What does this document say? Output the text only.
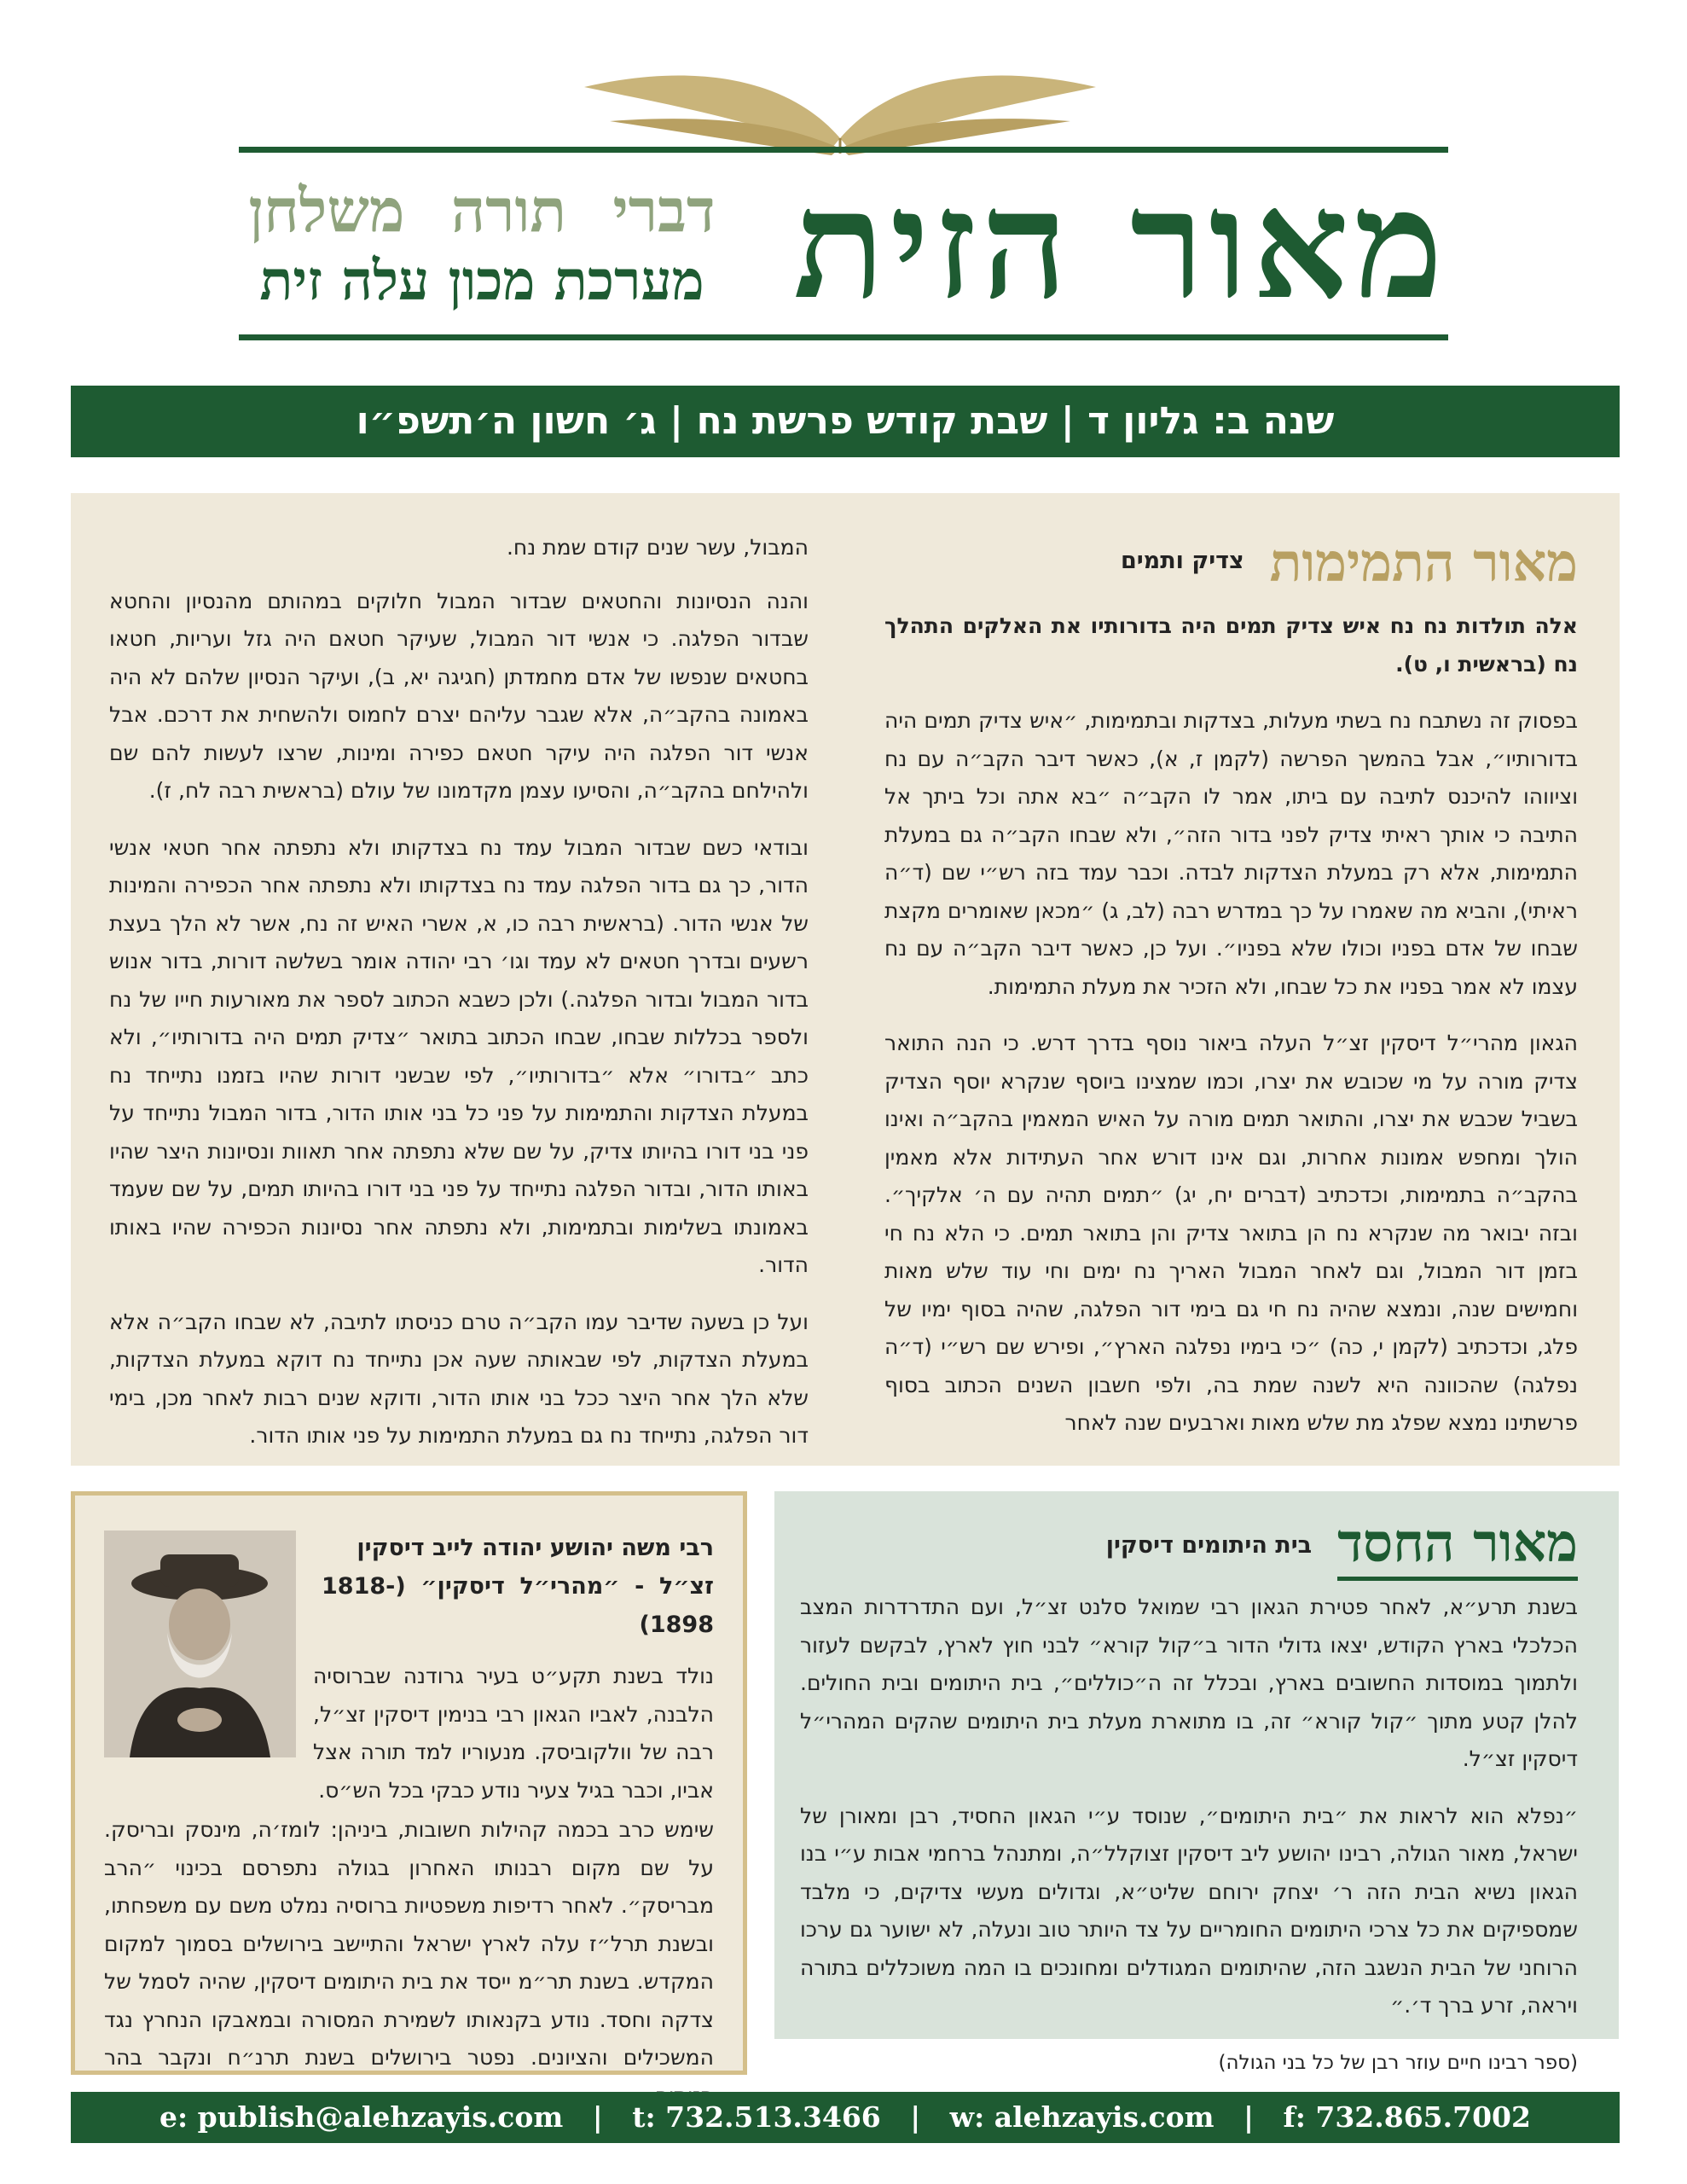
מאור הזית
דברי תורה משלחן
מערכת מכון עלה זית
שנה ב: גליון ד | שבת קודש פרשת נח | ג׳ חשון ה׳תשפ״ו
מאור התמימות צדיק ותמים

אלה תולדות נח נח איש צדיק תמים היה בדורותיו את האלקים התהלך נח (בראשית ו, ט).

בפסוק זה נשתבח נח בשתי מעלות, בצדקות ובתמימות, ״איש צדיק תמים היה בדורותיו״, אבל בהמשך הפרשה (לקמן ז, א), כאשר דיבר הקב״ה עם נח וציווהו להיכנס לתיבה עם ביתו, אמר לו הקב״ה ״בא אתה וכל ביתך אל התיבה כי אותך ראיתי צדיק לפני בדור הזה״, ולא שבחו הקב״ה גם במעלת התמימות, אלא רק במעלת הצדקות לבדה. וכבר עמד בזה רש״י שם (ד״ה ראיתי), והביא מה שאמרו על כך במדרש רבה (לב, ג) ״מכאן שאומרים מקצת שבחו של אדם בפניו וכולו שלא בפניו״. ועל כן, כאשר דיבר הקב״ה עם נח עצמו לא אמר בפניו את כל שבחו, ולא הזכיר את מעלת התמימות.

הגאון מהרי״ל דיסקין זצ״ל העלה ביאור נוסף בדרך דרש. כי הנה התואר צדיק מורה על מי שכובש את יצרו, וכמו שמצינו ביוסף שנקרא יוסף הצדיק בשביל שכבש את יצרו, והתואר תמים מורה על האיש המאמין בהקב״ה ואינו הולך ומחפש אמונות אחרות, וגם אינו דורש אחר העתידות אלא מאמין בהקב״ה בתמימות, וכדכתיב (דברים יח, יג) ״תמים תהיה עם ה׳ אלקיך״. ובזה יבואר מה שנקרא נח הן בתואר צדיק והן בתואר תמים. כי הלא נח חי בזמן דור המבול, וגם לאחר המבול האריך נח ימים וחי עוד שלש מאות וחמישים שנה, ונמצא שהיה נח חי גם בימי דור הפלגה, שהיה בסוף ימיו של פלג, וכדכתיב (לקמן י, כה) ״כי בימיו נפלגה הארץ״, ופירש שם רש״י (ד״ה נפלגה) שהכוונה היא לשנה שמת בה, ולפי חשבון השנים הכתוב בסוף פרשתינו נמצא שפלג מת שלש מאות וארבעים שנה לאחר

המבול, עשר שנים קודם שמת נח.

והנה הנסיונות והחטאים שבדור המבול חלוקים במהותם מהנסיון והחטא שבדור הפלגה. כי אנשי דור המבול, שעיקר חטאם היה גזל ועריות, חטאו בחטאים שנפשו של אדם מחמדתן (חגיגה יא, ב), ועיקר הנסיון שלהם לא היה באמונה בהקב״ה, אלא שגבר עליהם יצרם לחמוס ולהשחית את דרכם. אבל אנשי דור הפלגה היה עיקר חטאם כפירה ומינות, שרצו לעשות להם שם ולהילחם בהקב״ה, והסיעו עצמן מקדמונו של עולם (בראשית רבה לח, ז).

ובודאי כשם שבדור המבול עמד נח בצדקותו ולא נתפתה אחר חטאי אנשי הדור, כך גם בדור הפלגה עמד נח בצדקותו ולא נתפתה אחר הכפירה והמינות של אנשי הדור. (בראשית רבה כו, א, אשרי האיש זה נח, אשר לא הלך בעצת רשעים ובדרך חטאים לא עמד וגו׳ רבי יהודה אומר בשלשה דורות, בדור אנוש בדור המבול ובדור הפלגה.) ולכן כשבא הכתוב לספר את מאורעות חייו של נח ולספר בכללות שבחו, שבחו הכתוב בתואר ״צדיק תמים היה בדורותיו״, ולא כתב ״בדורו״ אלא ״בדורותיו״, לפי שבשני דורות שהיו בזמנו נתייחד נח במעלת הצדקות והתמימות על פני כל בני אותו הדור, בדור המבול נתייחד על פני בני דורו בהיותו צדיק, על שם שלא נתפתה אחר תאוות ונסיונות היצר שהיו באותו הדור, ובדור הפלגה נתייחד על פני בני דורו בהיותו תמים, על שם שעמד באמונתו בשלימות ובתמימות, ולא נתפתה אחר נסיונות הכפירה שהיו באותו הדור.

ועל כן בשעה שדיבר עמו הקב״ה טרם כניסתו לתיבה, לא שבחו הקב״ה אלא במעלת הצדקות, לפי שבאותה שעה אכן נתייחד נח דוקא במעלת הצדקות, שלא הלך אחר היצר ככל בני אותו הדור, ודוקא שנים רבות לאחר מכן, בימי דור הפלגה, נתייחד נח גם במעלת התמימות על פני אותו הדור.

מאור החסד בית היתומים דיסקין

בשנת תרע״א, לאחר פטירת הגאון רבי שמואל סלנט זצ״ל, ועם התדרדרות המצב הכלכלי בארץ הקודש, יצאו גדולי הדור ב״קול קורא״ לבני חוץ לארץ, לבקשם לעזור ולתמוך במוסדות החשובים בארץ, ובכלל זה ה״כוללים״, בית היתומים ובית החולים. להלן קטע מתוך ״קול קורא״ זה, בו מתוארת מעלת בית היתומים שהקים המהרי״ל דיסקין זצ״ל.

״נפלא הוא לראות את ״בית היתומים״, שנוסד ע״י הגאון החסיד, רבן ומאורן של ישראל, מאור הגולה, רבינו יהושע ליב דיסקין זצוקלל״ה, ומתנהל ברחמי אבות ע״י בנו הגאון נשיא הבית הזה ר׳ יצחק ירוחם שליט״א, וגדולים מעשי צדיקים, כי מלבד שמספיקים את כל צרכי היתומים החומריים על צד היותר טוב ונעלה, לא ישוער גם ערכו הרוחני של הבית הנשגב הזה, שהיתומים המגודלים ומחונכים בו המה משוכללים בתורה ויראה, זרע ברך ד׳.״

(ספר רבינו חיים עוזר רבן של כל בני הגולה)
רבי משה יהושע יהודה לייב דיסקין
זצ״ל - ״מהרי״ל דיסקין״ (1818-1898)

נולד בשנת תקע״ט בעיר גרודנה שברוסיה הלבנה, לאביו הגאון רבי בנימין דיסקין זצ״ל, רבה של וולקוביסק. מנעוריו למד תורה אצל אביו, וכבר בגיל צעיר נודע כבקי בכל הש״ס.

שימש כרב בכמה קהילות חשובות, ביניהן: לומז׳ה, מינסק ובריסק. על שם מקום רבנותו האחרון בגולה נתפרסם בכינוי ״הרב מבריסק״. לאחר רדיפות משפטיות ברוסיה נמלט משם עם משפחתו, ובשנת תרל״ז עלה לארץ ישראל והתיישב בירושלים בסמוך למקום המקדש. בשנת תר״מ ייסד את בית היתומים דיסקין, שהיה לסמל של צדקה וחסד. נודע בקנאותו לשמירת המסורה ובמאבקו הנחרץ נגד המשכילים והציונים. נפטר בירושלים בשנת תרנ״ח ונקבר בהר

e: publish@alehzayis.com   |   t: 732.513.3466   |   w: alehzayis.com   |   f: 732.865.7002
